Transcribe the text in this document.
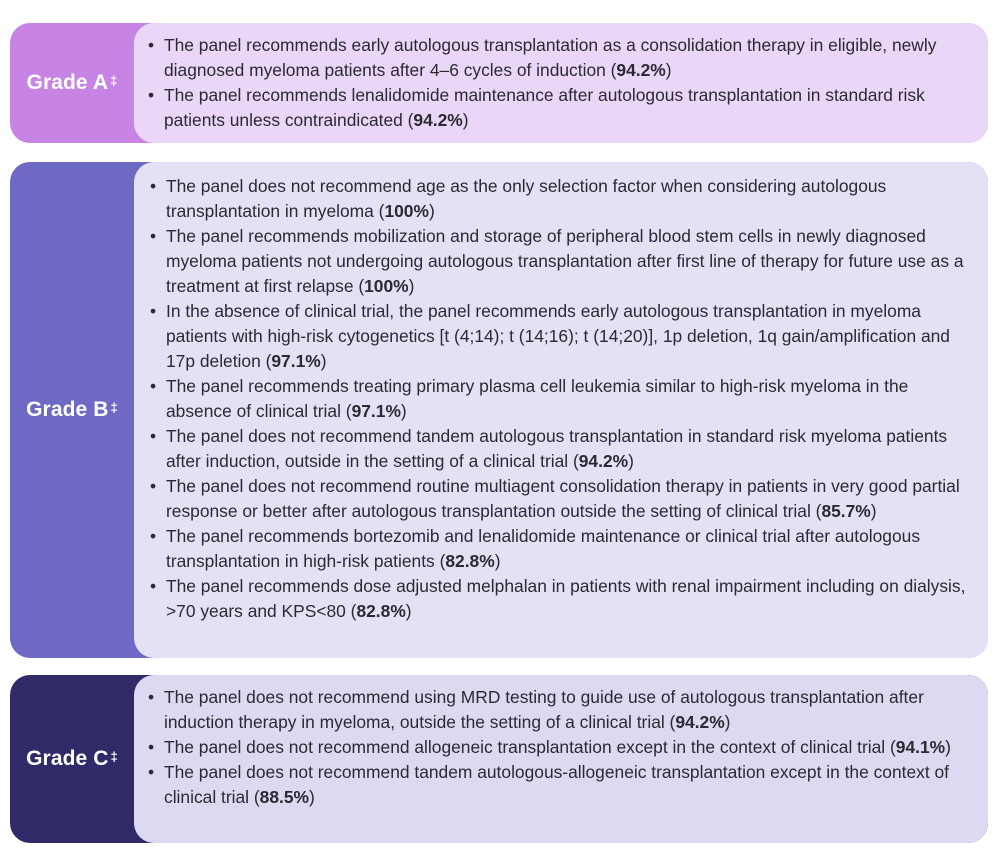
Grade A‡
• The panel recommends early autologous transplantation as a consolidation therapy in eligible, newly diagnosed myeloma patients after 4–6 cycles of induction (94.2%)
• The panel recommends lenalidomide maintenance after autologous transplantation in standard risk patients unless contraindicated (94.2%)
Grade B‡
• The panel does not recommend age as the only selection factor when considering autologous transplantation in myeloma (100%)
• The panel recommends mobilization and storage of peripheral blood stem cells in newly diagnosed myeloma patients not undergoing autologous transplantation after first line of therapy for future use as a treatment at first relapse (100%)
• In the absence of clinical trial, the panel recommends early autologous transplantation in myeloma patients with high-risk cytogenetics [t (4;14); t (14;16); t (14;20)], 1p deletion, 1q gain/amplification and 17p deletion (97.1%)
• The panel recommends treating primary plasma cell leukemia similar to high-risk myeloma in the absence of clinical trial (97.1%)
• The panel does not recommend tandem autologous transplantation in standard risk myeloma patients after induction, outside in the setting of a clinical trial (94.2%)
• The panel does not recommend routine multiagent consolidation therapy in patients in very good partial response or better after autologous transplantation outside the setting of clinical trial (85.7%)
• The panel recommends bortezomib and lenalidomide maintenance or clinical trial after autologous transplantation in high-risk patients (82.8%)
• The panel recommends dose adjusted melphalan in patients with renal impairment including on dialysis, >70 years and KPS<80 (82.8%)
Grade C‡
• The panel does not recommend using MRD testing to guide use of autologous transplantation after induction therapy in myeloma, outside the setting of a clinical trial (94.2%)
• The panel does not recommend allogeneic transplantation except in the context of clinical trial (94.1%)
• The panel does not recommend tandem autologous-allogeneic transplantation except in the context of clinical trial (88.5%)
